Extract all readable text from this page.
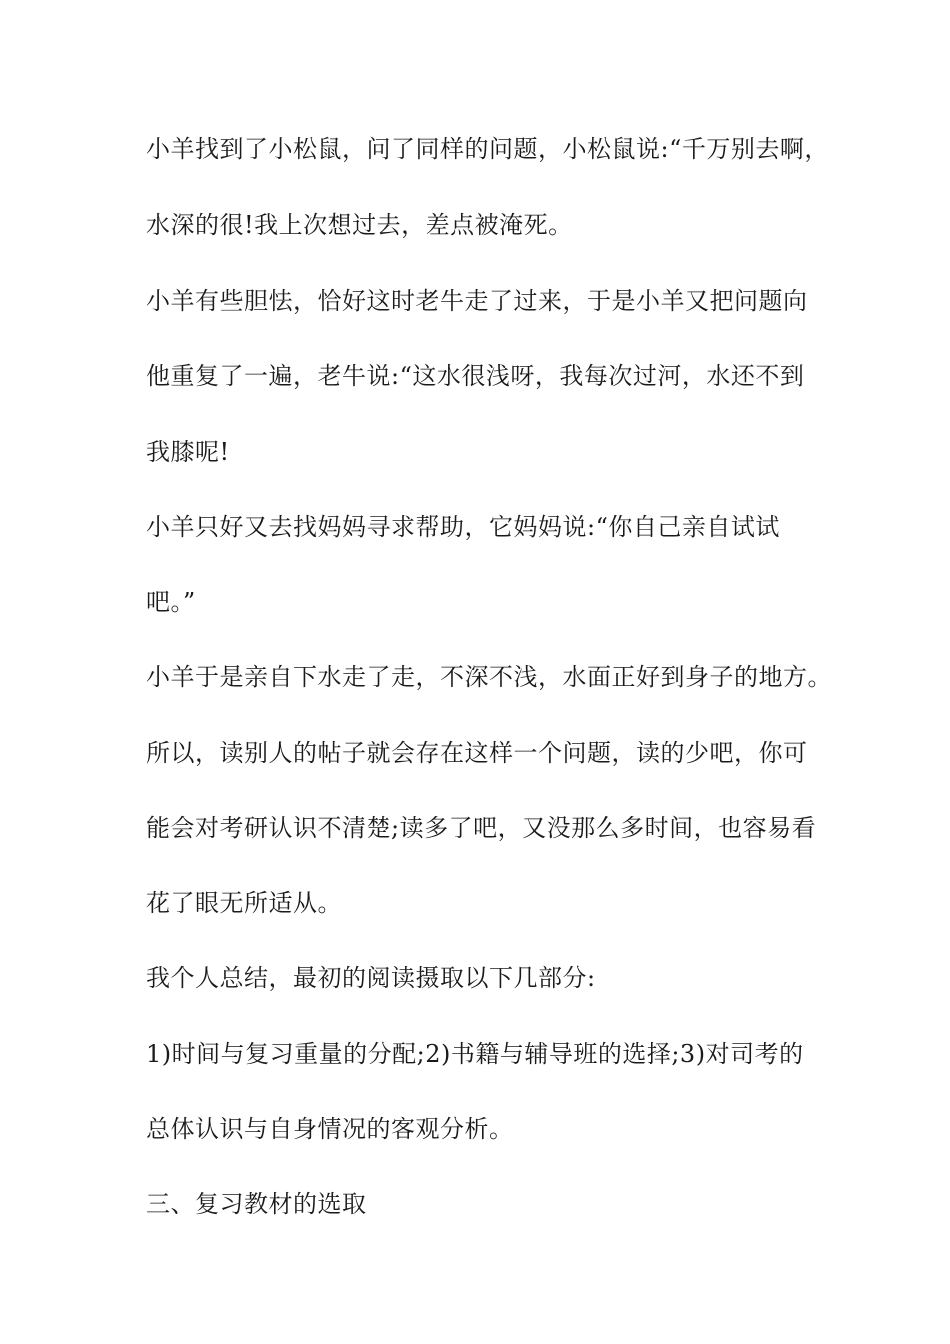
小羊找到了小松鼠，问了同样的问题，小松鼠说:“千万别去啊，

水深的很!我上次想过去，差点被淹死。

小羊有些胆怯，恰好这时老牛走了过来，于是小羊又把问题向

他重复了一遍，老牛说:“这水很浅呀，我每次过河，水还不到

我膝呢!

小羊只好又去找妈妈寻求帮助，它妈妈说:“你自己亲自试试

吧。”

小羊于是亲自下水走了走，不深不浅，水面正好到身子的地方。

所以，读别人的帖子就会存在这样一个问题，读的少吧，你可

能会对考研认识不清楚;读多了吧，又没那么多时间，也容易看

花了眼无所适从。

我个人总结，最初的阅读摄取以下几部分:

1)时间与复习重量的分配;2)书籍与辅导班的选择;3)对司考的

总体认识与自身情况的客观分析。

三、复习教材的选取
